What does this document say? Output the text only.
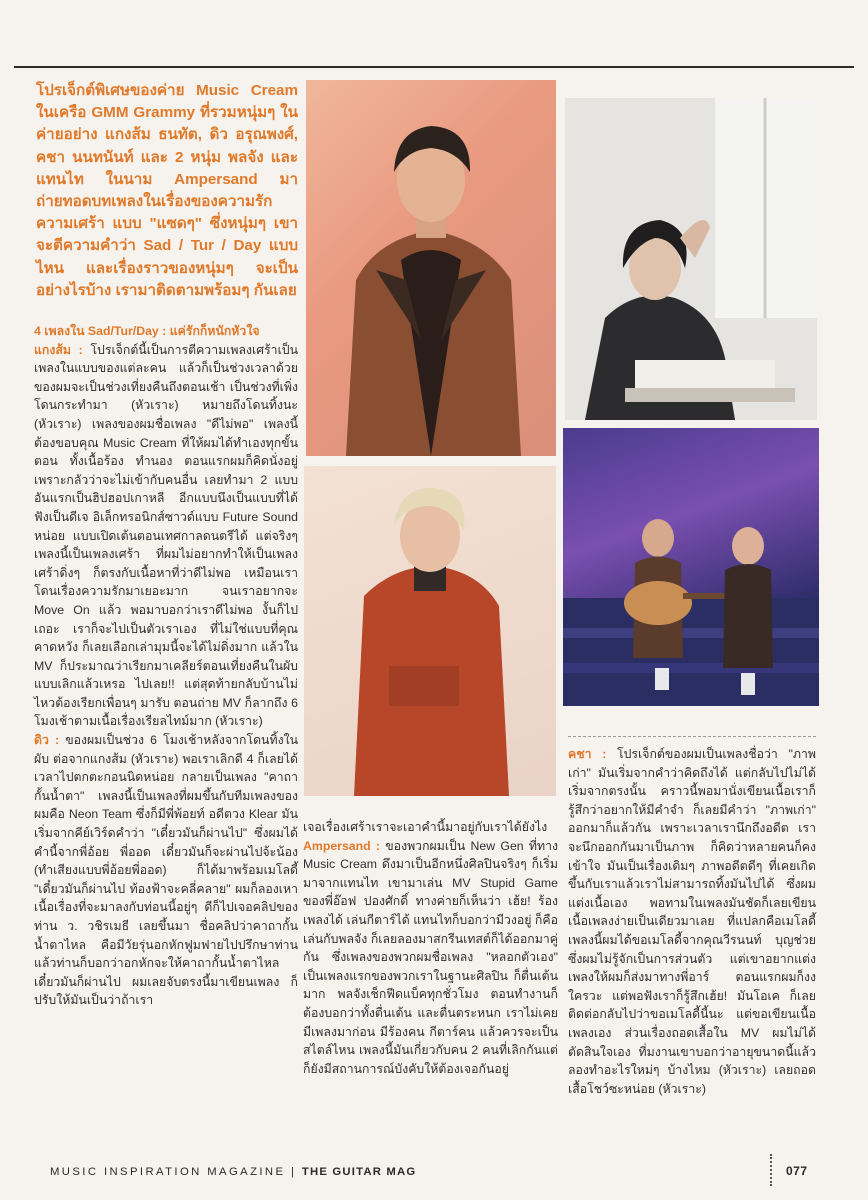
โปรเจ็กต์พิเศษของค่าย Music Cream ในเครือ GMM Grammy ที่รวมหนุ่มๆ ในค่ายอย่าง แกงส้ม ธนทัต, ดิว อรุณพงศ์, คชา นนทนันท์ และ 2 หนุ่ม พลจัง และแทนไท ในนาม Ampersand มาถ่ายทอดบทเพลงในเรื่องของความรัก ความเศร้า แบบ "แซดๆ" ซึ่งหนุ่มๆ เขาจะตีความคำว่า Sad / Tur / Day แบบไหน และเรื่องราวของหนุ่มๆ จะเป็นอย่างไรบ้าง เรามาติดตามพร้อมๆ กันเลย

4 เพลงใน Sad/Tur/Day : แค่รักก็หนักหัวใจ

แกงส้ม : โปรเจ็กต์นี้เป็นการตีความเพลงเศร้าเป็นเพลงในแบบของแต่ละคน แล้วก็เป็นช่วงเวลาด้วย ของผมจะเป็นช่วงเที่ยงคืนถึงตอนเช้า เป็นช่วงที่เพิ่งโดนกระทำมา (หัวเราะ) หมายถึงโดนทิ้งนะ (หัวเราะ) เพลงของผมชื่อเพลง "ดีไม่พอ" เพลงนี้ต้องขอบคุณ Music Cream ที่ให้ผมได้ทำเองทุกขั้นตอน ทั้งเนื้อร้อง ทำนอง ตอนแรกผมก็คิดนั่งอยู่เพราะกลัวว่าจะไม่เข้ากับคนอื่น เลยทำมา 2 แบบ อันแรกเป็นฮิปฮอปเกาหลี อีกแบบนึงเป็นแบบที่ได้ฟังเป็นดีเจ อิเล็กทรอนิกส์ซาวด์แบบ Future Sound หน่อย แบบเปิดเต้นตอนเทศกาลดนตรีได้ แต่จริงๆ เพลงนี้เป็นเพลงเศร้า ที่ผมไม่อยากทำให้เป็นเพลงเศร้าดิ่งๆ ก็ตรงกับเนื้อหาที่ว่าดีไม่พอ เหมือนเราโดนเรื่องความรักมาเยอะมาก จนเราอยากจะ Move On แล้ว พอมาบอกว่าเราดีไม่พอ งั้นก็ไปเถอะ เราก็จะไปเป็นตัวเราเอง ที่ไม่ใช่แบบที่คุณคาดหวัง ก็เลยเลือกเล่ามุมนี้จะได้ไม่ดิ่งมาก แล้วใน MV ก็ประมาณว่าเรียกมาเคลียร์ตอนเที่ยงคืนในผับ แบบเลิกแล้วเหรอ ไปเลย!! แต่สุดท้ายกลับบ้านไม่ไหวต้องเรียกเพื่อนๆ มารับ ตอนถ่าย MV ก็ลากถึง 6 โมงเช้าตามเนื้อเรื่องเรียลไทม์มาก (หัวเราะ)

ดิว : ของผมเป็นช่วง 6 โมงเช้าหลังจากโดนทิ้งในผับ ต่อจากแกงส้ม (หัวเราะ) พอเราเลิกดี 4 ก็เลยได้เวลาไปตกตะกอนนิดหน่อย กลายเป็นเพลง "คาถากั้นน้ำตา" เพลงนี้เป็นเพลงที่ผมขึ้นกับทีมเพลงของผมคือ Neon Team ซึ่งก็มีพี่พ้อยท์ อดีตวง Klear มันเริ่มจากคีย์เวิร์ดคำว่า "เดี๋ยวมันก็ผ่านไป" ซึ่งผมได้คำนี้จากพี่อ้อย พี่ออด เดี๋ยวมันก็จะผ่านไปจ้ะน้อง (ทำเสียงแบบพี่อ้อยพี่ออด) ก็ได้มาพร้อมเมโลดี้ "เดี๋ยวมันก็ผ่านไป ท้องฟ้าจะคลี่คลาย" ผมก็ลองเหาเนื้อเรื่องที่จะมาลงกับท่อนนี้อยู่ๆ ดีก็ไปเจอคลิปของท่าน ว. วชิรเมธี เลยขึ้นมา ชื่อคลิปว่าคาถากั้นน้ำตาไหล คือมีวัยรุ่นอกหักฟูมฟายไปปรึกษาท่าน แล้วท่านก็บอกว่าอกหักจะให้คาถากั้นน้ำตาไหล เดี๋ยวมันก็ผ่านไป ผมเลยจับตรงนี้มาเขียนเพลง ก็ปรับให้มันเป็นว่าถ้าเรา

เจอเรื่องเศร้าเราจะเอาคำนี้มาอยู่กับเราได้ยังไง

Ampersand : ของพวกผมเป็น New Gen ที่ทาง Music Cream ดึงมาเป็นอีกหนึ่งศิลปินจริงๆ ก็เริ่มมาจากแทนไท เขามาเล่น MV Stupid Game ของพี่อ๊อฟ ปองศักดิ์ ทางค่ายก็เห็นว่า เฮ้ย! ร้องเพลงได้ เล่นกีตาร์ได้ แทนไทก็บอกว่ามีวงอยู่ ก็คือเล่นกับพลจัง ก็เลยลองมาสกรีนเทสต์ก็ได้ออกมาคู่กัน ซึ่งเพลงของพวกผมชื่อเพลง "หลอกตัวเอง" เป็นเพลงแรกของพวกเราในฐานะศิลปิน ก็ตื่นเต้นมาก พลจังเช็กฟีดแบ็คทุกชั่วโมง ตอนทำงานก็ต้องบอกว่าทั้งตื่นเต้น และตื่นตระหนก เราไม่เคยมีเพลงมาก่อน มีร้องคน กีตาร์คน แล้วควรจะเป็นสไตล์ไหน เพลงนี้มันเกี่ยวกับคน 2 คนที่เลิกกันแต่ก็ยังมีสถานการณ์บังคับให้ต้องเจอกันอยู่

คชา : โปรเจ็กต์ของผมเป็นเพลงชื่อว่า "ภาพเก่า" มันเริ่มจากคำว่าคิดถึงได้ แต่กลับไปไม่ได้ เริ่มจากตรงนั้น คราวนี้พอมานั่งเขียนเนื้อเราก็รู้สึกว่าอยากให้มีคำจำ ก็เลยมีคำว่า "ภาพเก่า" ออกมาก็แล้วกัน เพราะเวลาเรานึกถึงอดีต เราจะนึกออกกันมาเป็นภาพ ก็คิดว่าหลายคนก็คงเข้าใจ มันเป็นเรื่องเดิมๆ ภาพอดีตดีๆ ที่เคยเกิดขึ้นกับเราแล้วเราไม่สามารถทิ้งมันไปได้ ซึ่งผมแต่งเนื้อเอง พอทามในเพลงมันชัดก็เลยเขียนเนื้อเพลงง่ายเป็นเดียวมาเลย ที่แปลกคือเมโลดี้เพลงนี้ผมได้ขอเมโลดี้จากคุณวีรนนท์ บุญช่วย ซึ่งผมไม่รู้จักเป็นการส่วนตัว แต่เขาอยากแต่งเพลงให้ผมก็ส่งมาทางพี่อาร์ ตอนแรกผมก็งง ใครวะ แต่พอฟังเราก็รู้สึกเฮ้ย! มันโอเค ก็เลยติดต่อกลับไปว่าขอเมโลดี้นี้นะ แต่ขอเขียนเนื้อเพลงเอง ส่วนเรื่องถอดเสื้อใน MV ผมไม่ได้ตัดสินใจเอง ที่มงานเขาบอกว่าอายุขนาดนี้แล้วลองทำอะไรใหม่ๆ บ้างไหม (หัวเราะ) เลยถอดเสื้อโชว์ซะหน่อย (หัวเราะ)

MUSIC INSPIRATION MAGAZINE | THE GUITAR MAG	077
